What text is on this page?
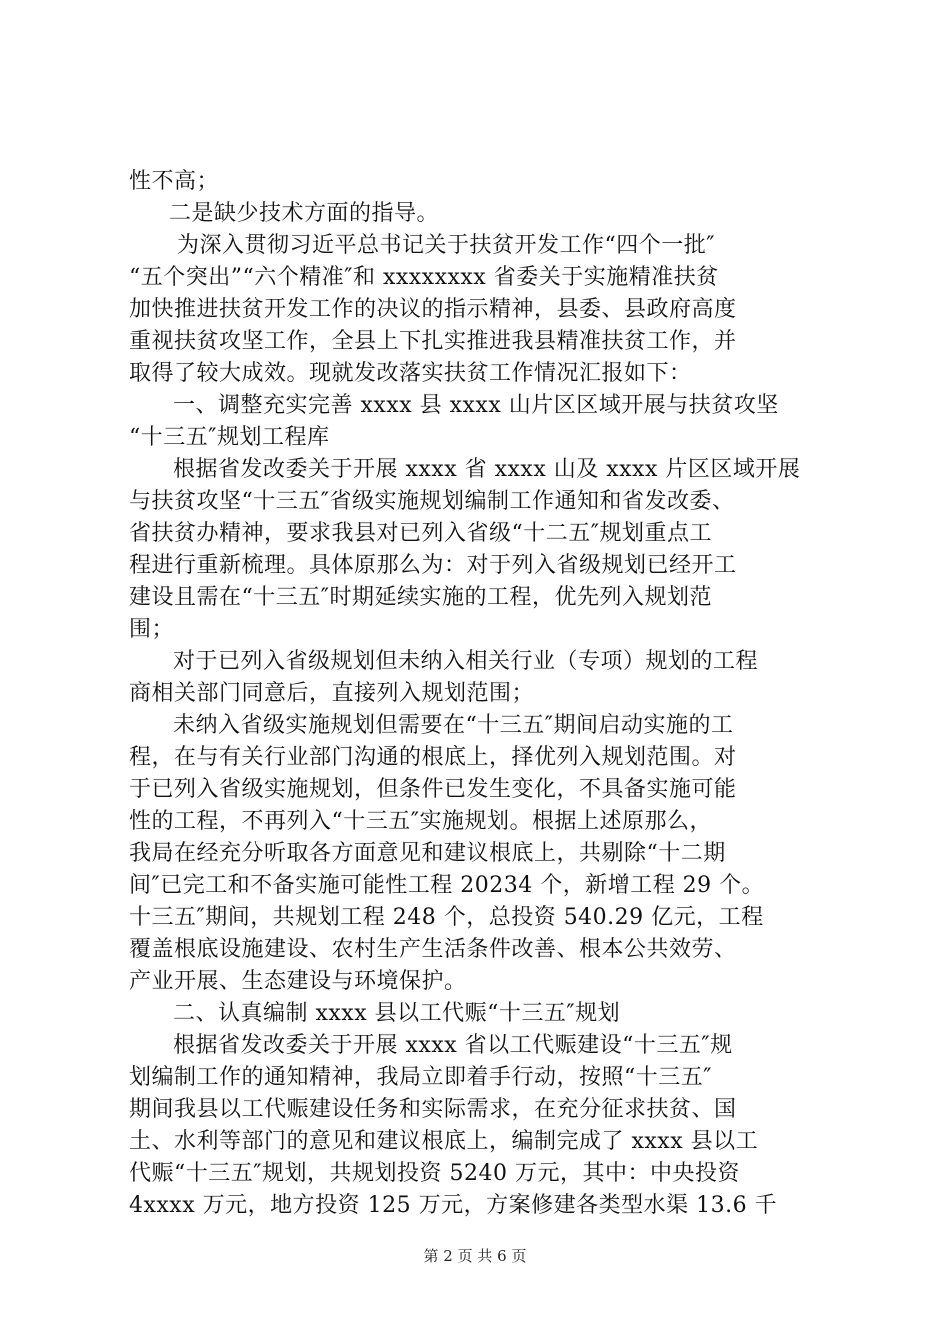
性不高；
二是缺少技术方面的指导。
为深入贯彻习近平总书记关于扶贫开发工作“四个一批″
“五个突出”“六个精准″和 xxxxxxxx 省委关于实施精准扶贫
加快推进扶贫开发工作的决议的指示精神，县委、县政府高度
重视扶贫攻坚工作，全县上下扎实推进我县精准扶贫工作，并
取得了较大成效。现就发改落实扶贫工作情况汇报如下：
一、调整充实完善 xxxx 县 xxxx 山片区区域开展与扶贫攻坚
“十三五″规划工程库
根据省发改委关于开展 xxxx 省 xxxx 山及 xxxx 片区区域开展
与扶贫攻坚“十三五″省级实施规划编制工作通知和省发改委、
省扶贫办精神，要求我县对已列入省级“十二五″规划重点工
程进行重新梳理。具体原那么为：对于列入省级规划已经开工
建设且需在“十三五″时期延续实施的工程，优先列入规划范
围；
对于已列入省级规划但未纳入相关行业（专项）规划的工程
商相关部门同意后，直接列入规划范围；
未纳入省级实施规划但需要在“十三五″期间启动实施的工
程，在与有关行业部门沟通的根底上，择优列入规划范围。对
于已列入省级实施规划，但条件已发生变化，不具备实施可能
性的工程，不再列入“十三五″实施规划。根据上述原那么，
我局在经充分听取各方面意见和建议根底上，共剔除“十二期
间″已完工和不备实施可能性工程 20234 个，新增工程 29 个。
十三五″期间，共规划工程 248 个，总投资 540.29 亿元，工程
覆盖根底设施建设、农村生产生活条件改善、根本公共效劳、
产业开展、生态建设与环境保护。
二、认真编制 xxxx 县以工代赈“十三五″规划
根据省发改委关于开展 xxxx 省以工代赈建设“十三五″规
划编制工作的通知精神，我局立即着手行动，按照“十三五″
期间我县以工代赈建设任务和实际需求，在充分征求扶贫、国
土、水利等部门的意见和建议根底上，编制完成了 xxxx 县以工
代赈“十三五″规划，共规划投资 5240 万元，其中：中央投资
4xxxx 万元，地方投资 125 万元，方案修建各类型水渠 13.6 千
第 2 页 共 6 页
